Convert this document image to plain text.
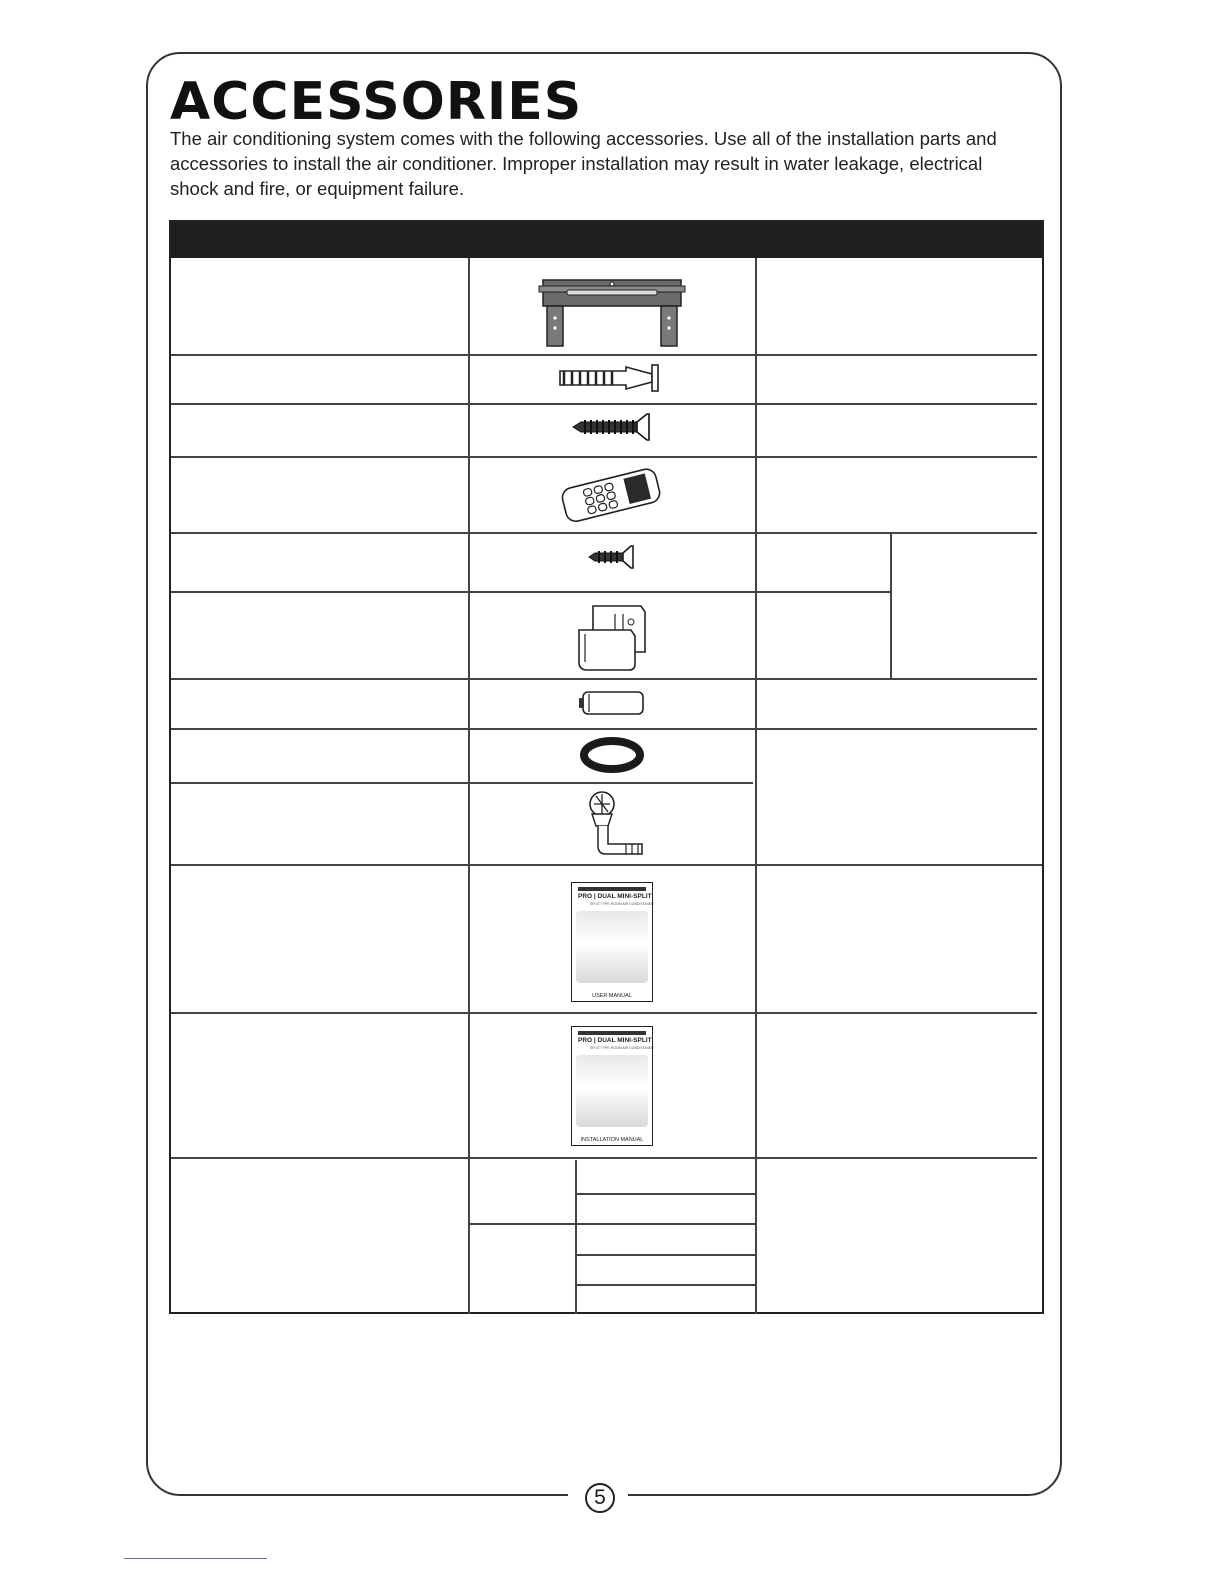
5
ACCESSORIES

The air conditioning system comes with the following accessories. Use all of the installation parts and accessories to install the air conditioner. Improper installation may result in water leakage, electrical shock and fire, or equipment failure.

PRO | DUAL MINI-SPLIT
SPLIT TYPE ROOM AIR CONDITIONER
USER MANUAL
PRO | DUAL MINI-SPLIT
SPLIT TYPE ROOM AIR CONDITIONER
INSTALLATION MANUAL
